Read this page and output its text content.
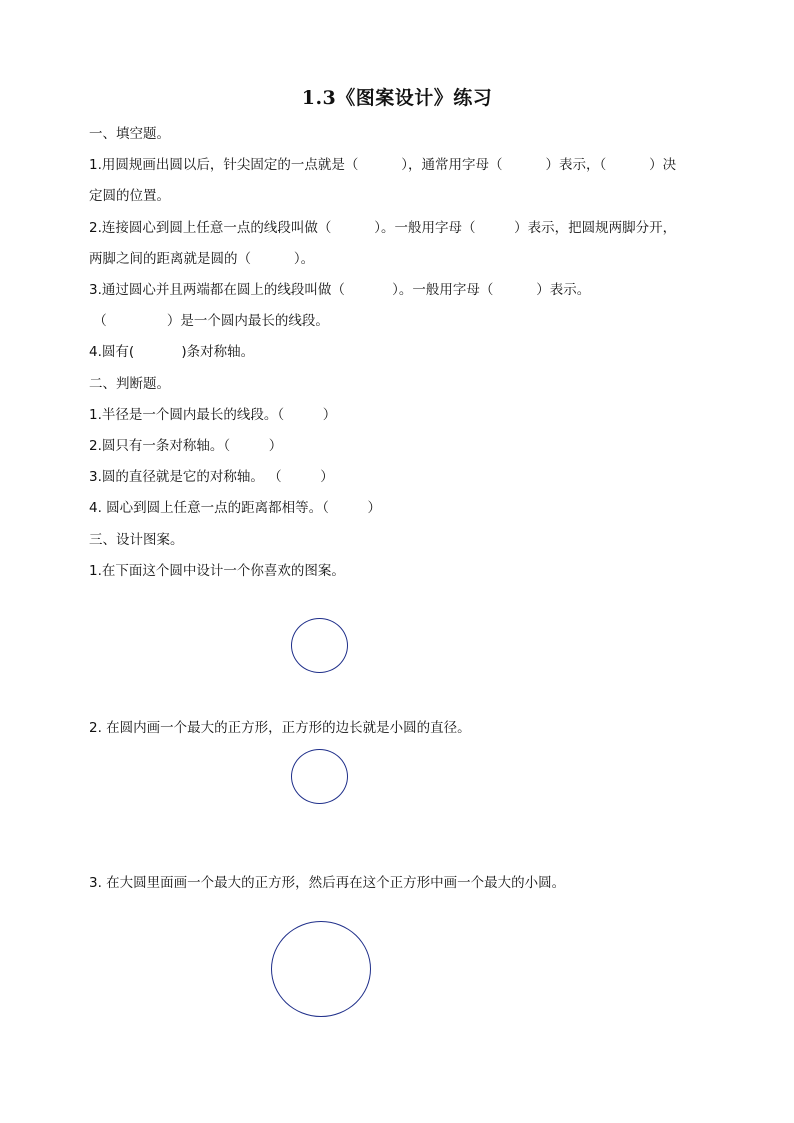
1.3《图案设计》练习
一、填空题。
1.用圆规画出圆以后，针尖固定的一点就是（          ），通常用字母（          ）表示，（          ）决
定圆的位置。
2.连接圆心到圆上任意一点的线段叫做（          ）。一般用字母（         ）表示，把圆规两脚分开，
两脚之间的距离就是圆的（          ）。
3.通过圆心并且两端都在圆上的线段叫做（           ）。一般用字母（          ）表示。
（              ）是一个圆内最长的线段。
4.圆有(           )条对称轴。
二、判断题。
1.半径是一个圆内最长的线段。（         ）
2.圆只有一条对称轴。（         ）
3.圆的直径就是它的对称轴。 （         ）
4. 圆心到圆上任意一点的距离都相等。（         ）
三、设计图案。
1.在下面这个圆中设计一个你喜欢的图案。
2. 在圆内画一个最大的正方形，正方形的边长就是小圆的直径。
3. 在大圆里面画一个最大的正方形，然后再在这个正方形中画一个最大的小圆。
